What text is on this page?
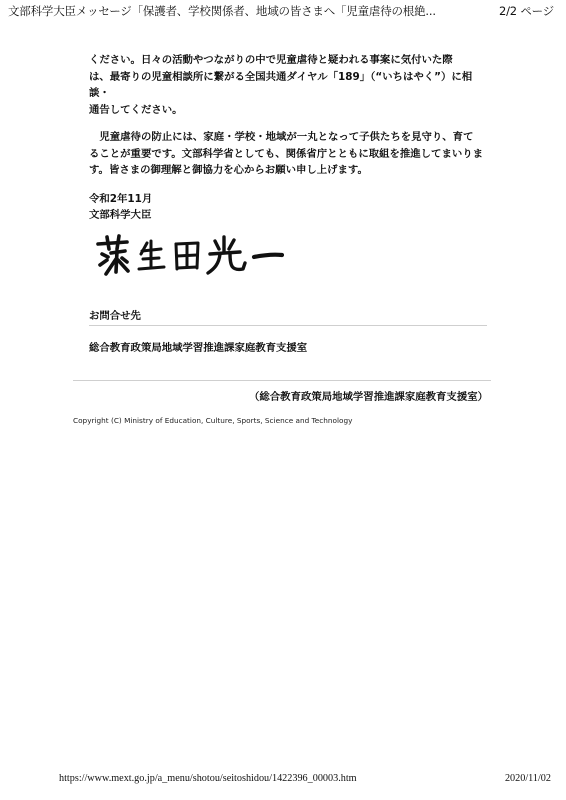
文部科学大臣メッセージ「保護者、学校関係者、地域の皆さまへ「児童虐待の根絶...	2/2 ページ

ください。日々の活動やつながりの中で児童虐待と疑われる事案に気付いた際
は、最寄りの児童相談所に繋がる全国共通ダイヤル「189」（“いちはやく”）に相談・
通告してください。

　児童虐待の防止には、家庭・学校・地域が一丸となって子供たちを見守り、育て
ることが重要です。文部科学省としても、関係省庁とともに取組を推進してまいりま
す。皆さまの御理解と御協力を心からお願い申し上げます。

令和2年11月
文部科学大臣
萩生田光一
お問合せ先
総合教育政策局地域学習推進課家庭教育支援室
（総合教育政策局地域学習推進課家庭教育支援室）
Copyright (C) Ministry of Education, Culture, Sports, Science and Technology
https://www.mext.go.jp/a_menu/shotou/seitoshidou/1422396_00003.htm	2020/11/02
